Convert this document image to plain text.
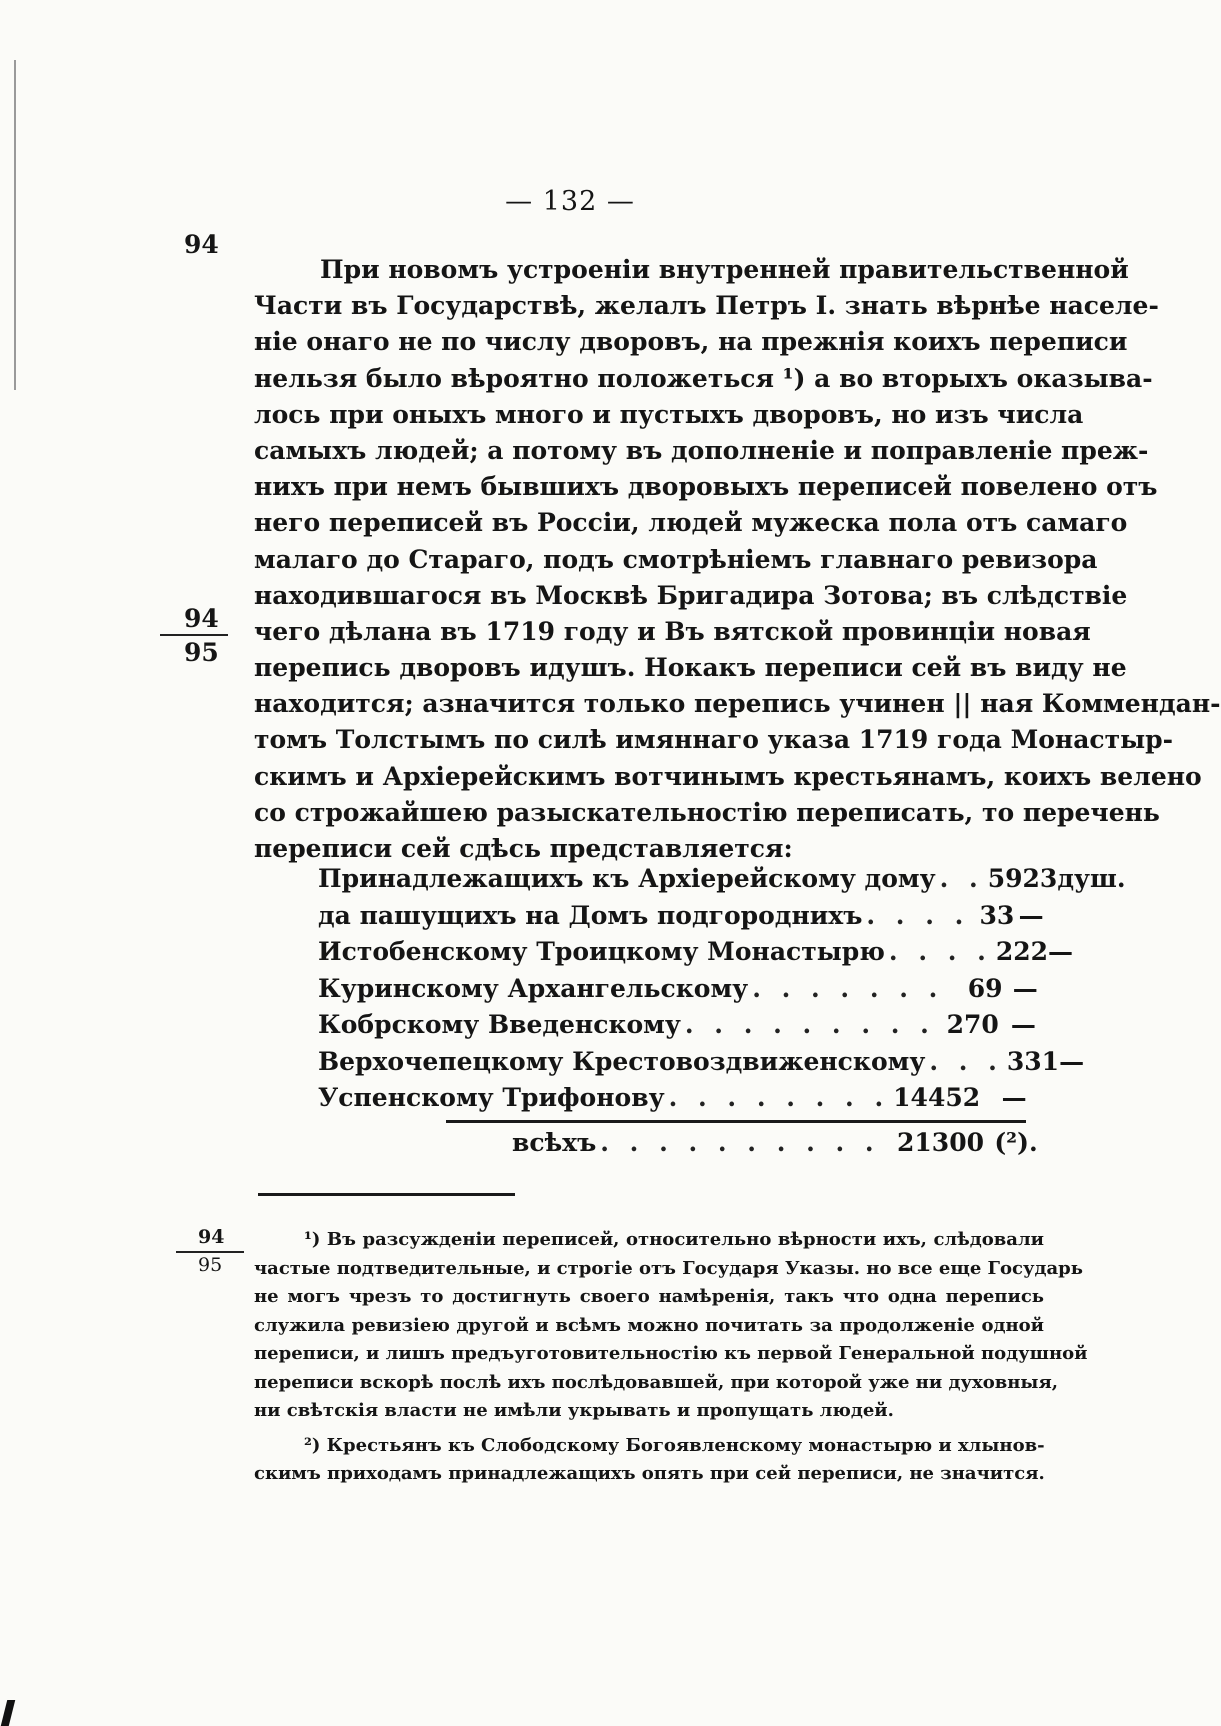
— 132 —
94
94
95
При новомъ устроеніи внутренней правительственной
Части въ Государствѣ, желалъ Петръ I. знать вѣрнѣе населе-
ніе онаго не по числу дворовъ, на прежнія коихъ переписи
нельзя было вѣроятно положеться ¹) а во вторыхъ оказыва-
лось при оныхъ много и пустыхъ дворовъ, но изъ числа
самыхъ людей; а потому въ дополненіе и поправленіе преж-
нихъ при немъ бывшихъ дворовыхъ переписей повелено отъ
него переписей въ Россіи, людей мужеска пола отъ самаго
малаго до Стараго, подъ смотрѣніемъ главнаго ревизора
находившагося въ Москвѣ Бригадира Зотова; въ слѣдствіе
чего дѣлана въ 1719 году и Въ вятской провинціи новая
перепись дворовъ идушъ. Нокакъ переписи сей въ виду не
находится; азначится только перепись учинен || ная Коммендан-
томъ Толстымъ по силѣ имяннаго указа 1719 года Монастыр-
скимъ и Архіерейскимъ вотчинымъ крестьянамъ, коихъ велено
со строжайшею разыскательностію переписать, то перечень
переписи сей сдѣсь представляется:
Принадлежащихъ къ Архіерейскому дому . . 5923 душ.
да пашущихъ на Домъ подгороднихъ . . . . 33 —
Истобенскому Троицкому Монастырю . . . . 222 —
Куринскому Архангельскому . . . . . . . 69 —
Кобрскому Введенскому . . . . . . . . . 270 —
Верхочепецкому Крестовоздвиженскому . . . 331 —
Успенскому Трифонову . . . . . . . . 14452 —
всѣхъ . . . . . . . . . . 21300 (²).
94
95
¹) Въ разсужденіи переписей, относительно вѣрности ихъ, слѣдовали
частые подтведительные, и строгіе отъ Государя Указы. но все еще Государь
не могъ чрезъ то достигнуть своего намѣренія, такъ что одна перепись
служила ревизіею другой и всѣмъ можно почитать за продолженіе одной
переписи, и лишъ предъуготовительностію къ первой Генеральной подушной
переписи вскорѣ послѣ ихъ послѣдовавшей, при которой уже ни духовныя,
ни свѣтскія власти не имѣли укрывать и пропущать людей.
²) Крестьянъ къ Слободскому Богоявленскому монастырю и хлынов-
скимъ приходамъ принадлежащихъ опять при сей переписи, не значится.
